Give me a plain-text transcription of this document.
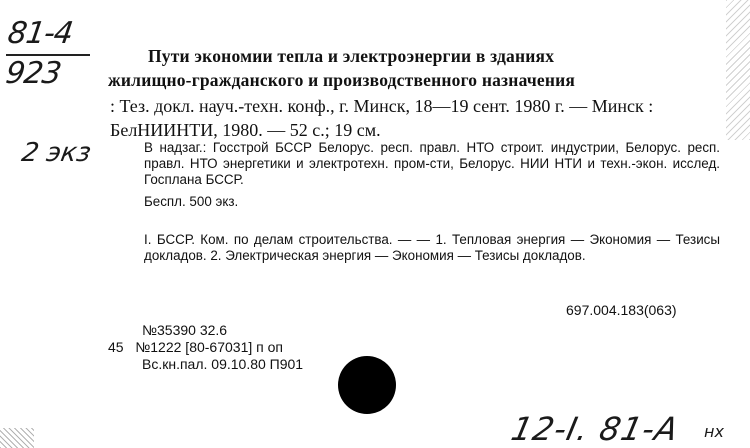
81-4
923
2 экз
Пути экономии тепла и электроэнергии в зданиях
жилищно-гражданского и производственного назначения
: Тез. докл. науч.-техн. конф., г. Минск, 18—19 сент. 1980 г. — Минск : БелНИИНТИ, 1980. — 52 с.; 19 см.
В надзаг.: Госстрой БССР Белорус. респ. правл. НТО строит. индустрии, Белорус. респ. правл. НТО энергетики и электротехн. пром-сти, Белорус. НИИ НТИ и техн.-экон. исслед. Госплана БССР.
Беспл. 500 экз.
I. БССР. Ком. по делам строительства. — — 1. Тепловая энергия — Экономия — Тезисы докладов. 2. Электрическая энергия — Экономия — Тезисы докладов.
697.004.183(063)
№35390 32.6
45 №1222 [80-67031] п оп
Вс.кн.пал. 09.10.80 П901
12-I. 81-А нх
